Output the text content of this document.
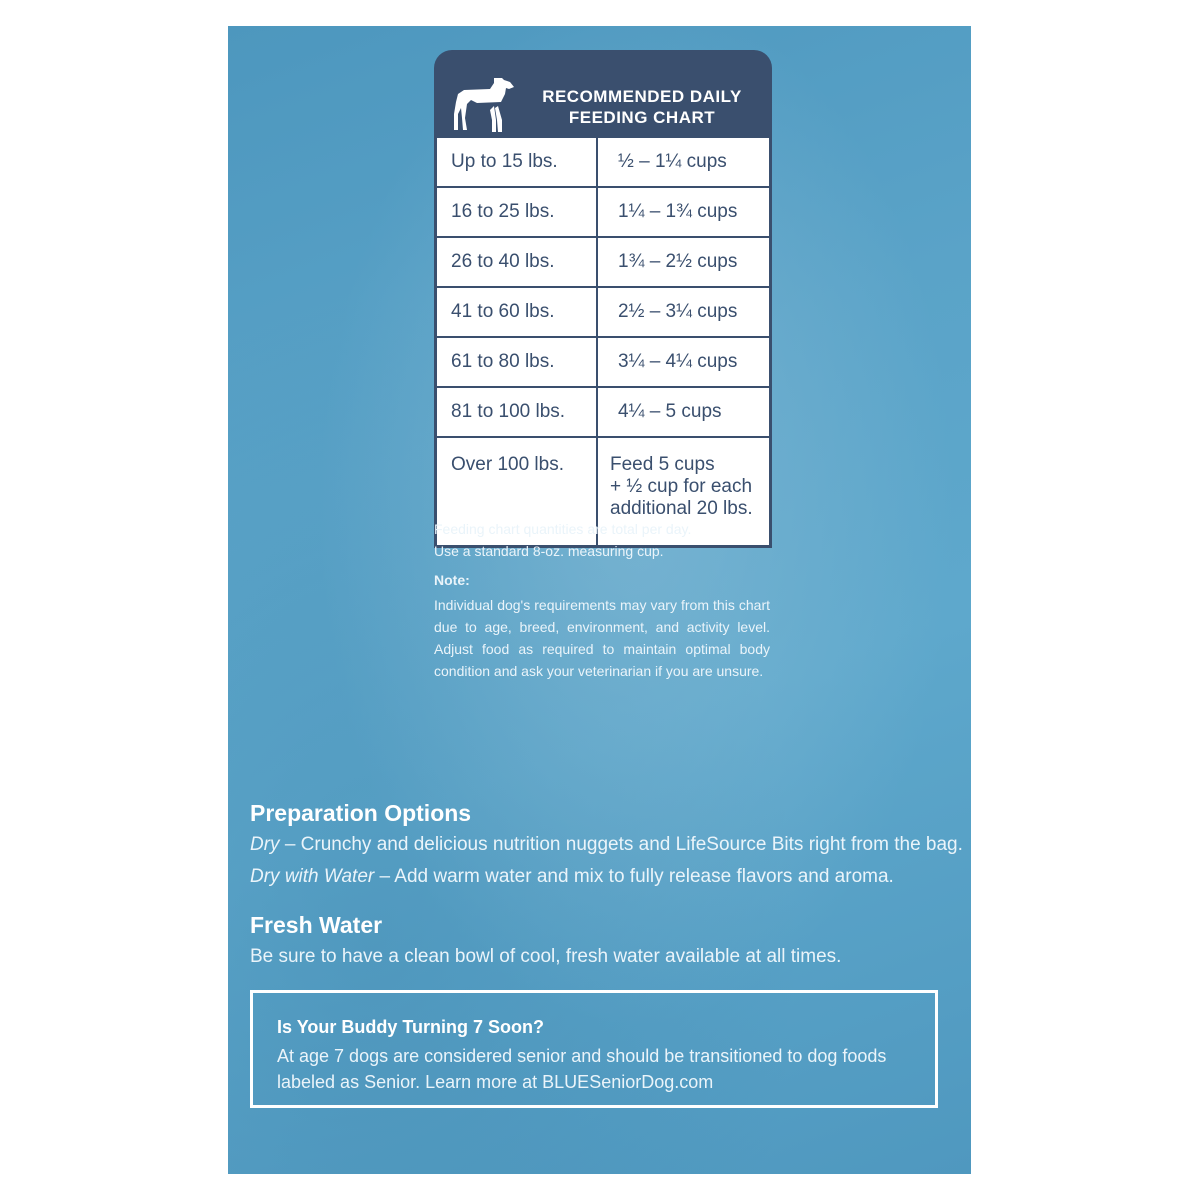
RECOMMENDED DAILY
FEEDING CHART
Up to 15 lbs.	½ – 1¼ cups
16 to 25 lbs.	1¼ – 1¾ cups
26 to 40 lbs.	1¾ – 2½ cups
41 to 60 lbs.	2½ – 3¼ cups
61 to 80 lbs.	3¼ – 4¼ cups
81 to 100 lbs.	4¼ – 5 cups
Over 100 lbs.	Feed 5 cups
+ ½ cup for each
additional 20 lbs.
Feeding chart quantities are total per day.
Use a standard 8-oz. measuring cup.
Note:
Individual dog's requirements may vary from this chart due to age, breed, environment, and activity level. Adjust food as required to maintain optimal body condition and ask your veterinarian if you are unsure.
Preparation Options
Dry – Crunchy and delicious nutrition nuggets and LifeSource Bits right from the bag.
Dry with Water – Add warm water and mix to fully release flavors and aroma.
Fresh Water
Be sure to have a clean bowl of cool, fresh water available at all times.
Is Your Buddy Turning 7 Soon?
At age 7 dogs are considered senior and should be transitioned to dog foods labeled as Senior. Learn more at BLUESeniorDog.com
